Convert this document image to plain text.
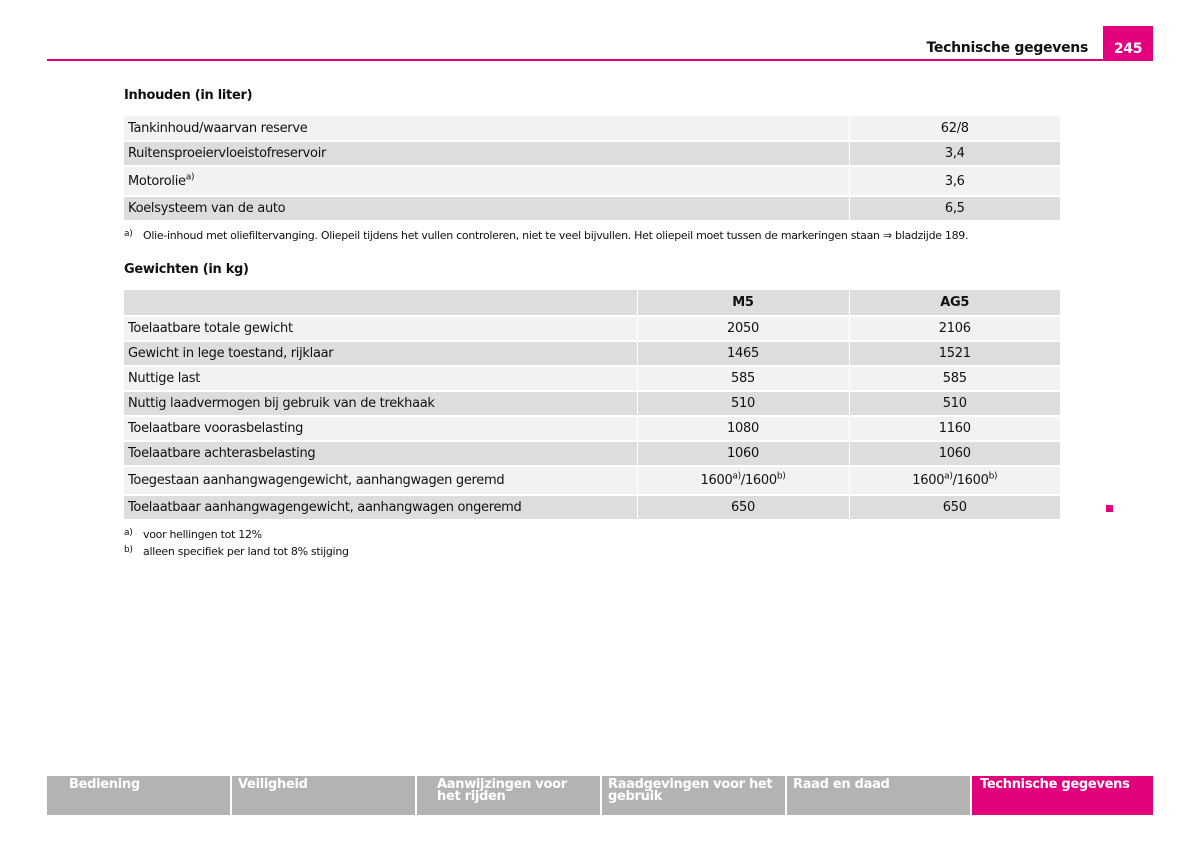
Technische gegevens	245
Inhouden (in liter)
Tankinhoud/waarvan reserve	62/8
Ruitensproeiervloeistofreservoir	3,4
Motorolie$^{a)}$	3,6
Koelsysteem van de auto	6,5
a) Olie-inhoud met oliefiltervanging. Oliepeil tijdens het vullen controleren, niet te veel bijvullen. Het oliepeil moet tussen de markeringen staan ⇒ bladzijde 189.
Gewichten (in kg)
	M5	AG5
Toelaatbare totale gewicht	2050	2106
Gewicht in lege toestand, rijklaar	1465	1521
Nuttige last	585	585
Nuttig laadvermogen bij gebruik van de trekhaak	510	510
Toelaatbare voorasbelasting	1080	1160
Toelaatbare achterasbelasting	1060	1060
Toegestaan aanhangwagengewicht, aanhangwagen geremd	1600$^{a)}$/1600$^{b)}$	1600$^{a)}$/1600$^{b)}$
Toelaatbaar aanhangwagengewicht, aanhangwagen ongeremd	650	650
a) voor hellingen tot 12%
b) alleen specifiek per land tot 8% stijging
Bediening	Veiligheid	Aanwijzingen voor het rijden
Raadgevingen voor het gebruik
Raad en daad	Technische gegevens
